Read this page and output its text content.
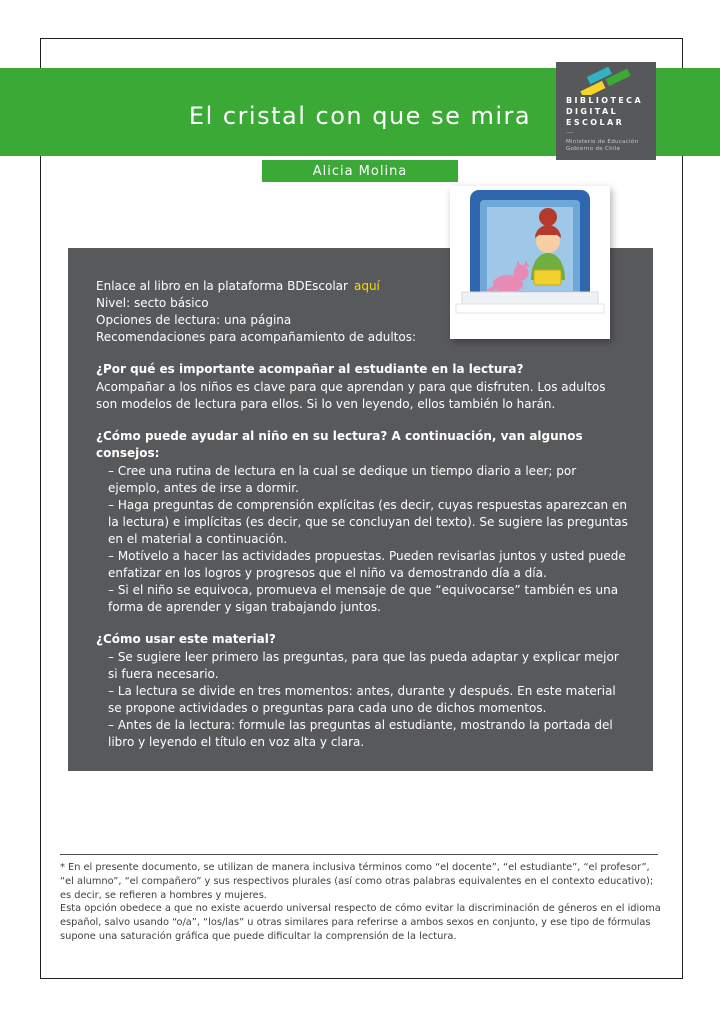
El cristal con que se mira
Alicia Molina
BIBLIOTECA
DIGITAL
ESCOLAR
—
Ministerio de Educación
Gobierno de Chile

Enlace al libro en la plataforma BDEscolar aquí

Nivel: secto básico

Opciones de lectura: una página

Recomendaciones para acompañamiento de adultos:

¿Por qué es importante acompañar al estudiante en la lectura?

Acompañar a los niños es clave para que aprendan y para que disfruten. Los adultos son modelos de lectura para ellos. Si lo ven leyendo, ellos también lo harán.

¿Cómo puede ayudar al niño en su lectura? A continuación, van algunos consejos:

– Cree una rutina de lectura en la cual se dedique un tiempo diario a leer; por ejemplo, antes de irse a dormir.

– Haga preguntas de comprensión explícitas (es decir, cuyas respuestas aparezcan en la lectura) e implícitas (es decir, que se concluyan del texto). Se sugiere las preguntas en el material a continuación.

– Motívelo a hacer las actividades propuestas. Pueden revisarlas juntos y usted puede enfatizar en los logros y progresos que el niño va demostrando día a día.

– Si el niño se equivoca, promueva el mensaje de que “equivocarse” también es una forma de aprender y sigan trabajando juntos.

¿Cómo usar este material?

– Se sugiere leer primero las preguntas, para que las pueda adaptar y explicar mejor si fuera necesario.

– La lectura se divide en tres momentos: antes, durante y después. En este material se propone actividades o preguntas para cada uno de dichos momentos.

– Antes de la lectura: formule las preguntas al estudiante, mostrando la portada del libro y leyendo el título en voz alta y clara.

* En el presente documento, se utilizan de manera inclusiva términos como “el docente”, “el estudiante”, “el profesor”, “el alumno”, “el compañero” y sus respectivos plurales (así como otras palabras equivalentes en el contexto educativo); es decir, se refieren a hombres y mujeres.

Esta opción obedece a que no existe acuerdo universal respecto de cómo evitar la discriminación de géneros en el idioma español, salvo usando “o/a”, “los/las” u otras similares para referirse a ambos sexos en conjunto, y ese tipo de fórmulas supone una saturación gráfica que puede dificultar la comprensión de la lectura.
